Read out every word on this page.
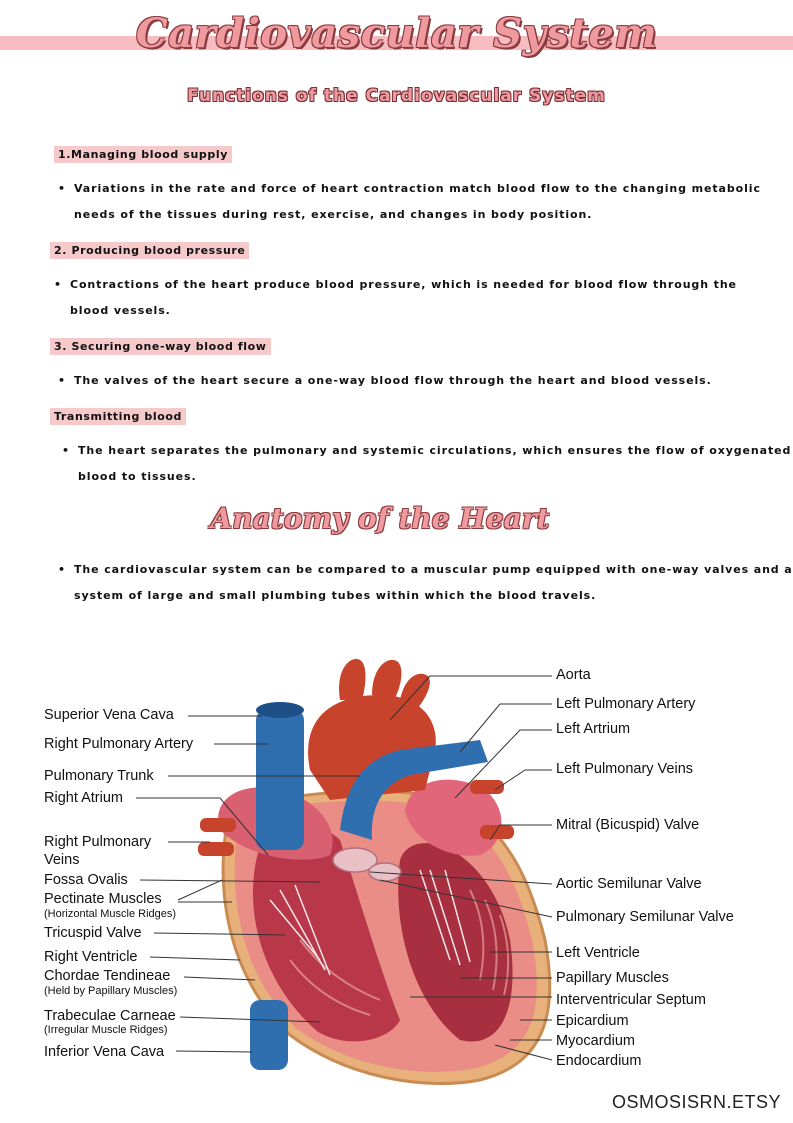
Cardiovascular System
Functions of the Cardiovascular System
1.Managing blood supply
• Variations in the rate and force of heart contraction match blood flow to the changing metabolic
needs of the tissues during rest, exercise, and changes in body position.
2. Producing blood pressure
• Contractions of the heart produce blood pressure, which is needed for blood flow through the
blood vessels.
3. Securing one-way blood flow
• The valves of the heart secure a one-way blood flow through the heart and blood vessels.
Transmitting blood
• The heart separates the pulmonary and systemic circulations, which ensures the flow of oxygenated
blood to tissues.
Anatomy of the Heart
• The cardiovascular system can be compared to a muscular pump equipped with one-way valves and a
system of large and small plumbing tubes within which the blood travels.
Superior Vena Cava
Right Pulmonary Artery
Pulmonary Trunk
Right Atrium
Right Pulmonary
Veins
Fossa Ovalis
Pectinate Muscles
(Horizontal Muscle Ridges)
Tricuspid Valve
Right Ventricle
Chordae Tendineae
(Held by Papillary Muscles)
Trabeculae Carneae
(Irregular Muscle Ridges)
Inferior Vena Cava
Aorta
Left Pulmonary Artery
Left Artrium
Left Pulmonary Veins
Mitral (Bicuspid) Valve
Aortic Semilunar Valve
Pulmonary Semilunar Valve
Left Ventricle
Papillary Muscles
Interventricular Septum
Epicardium
Myocardium
Endocardium
OSMOSISRN.ETSY
